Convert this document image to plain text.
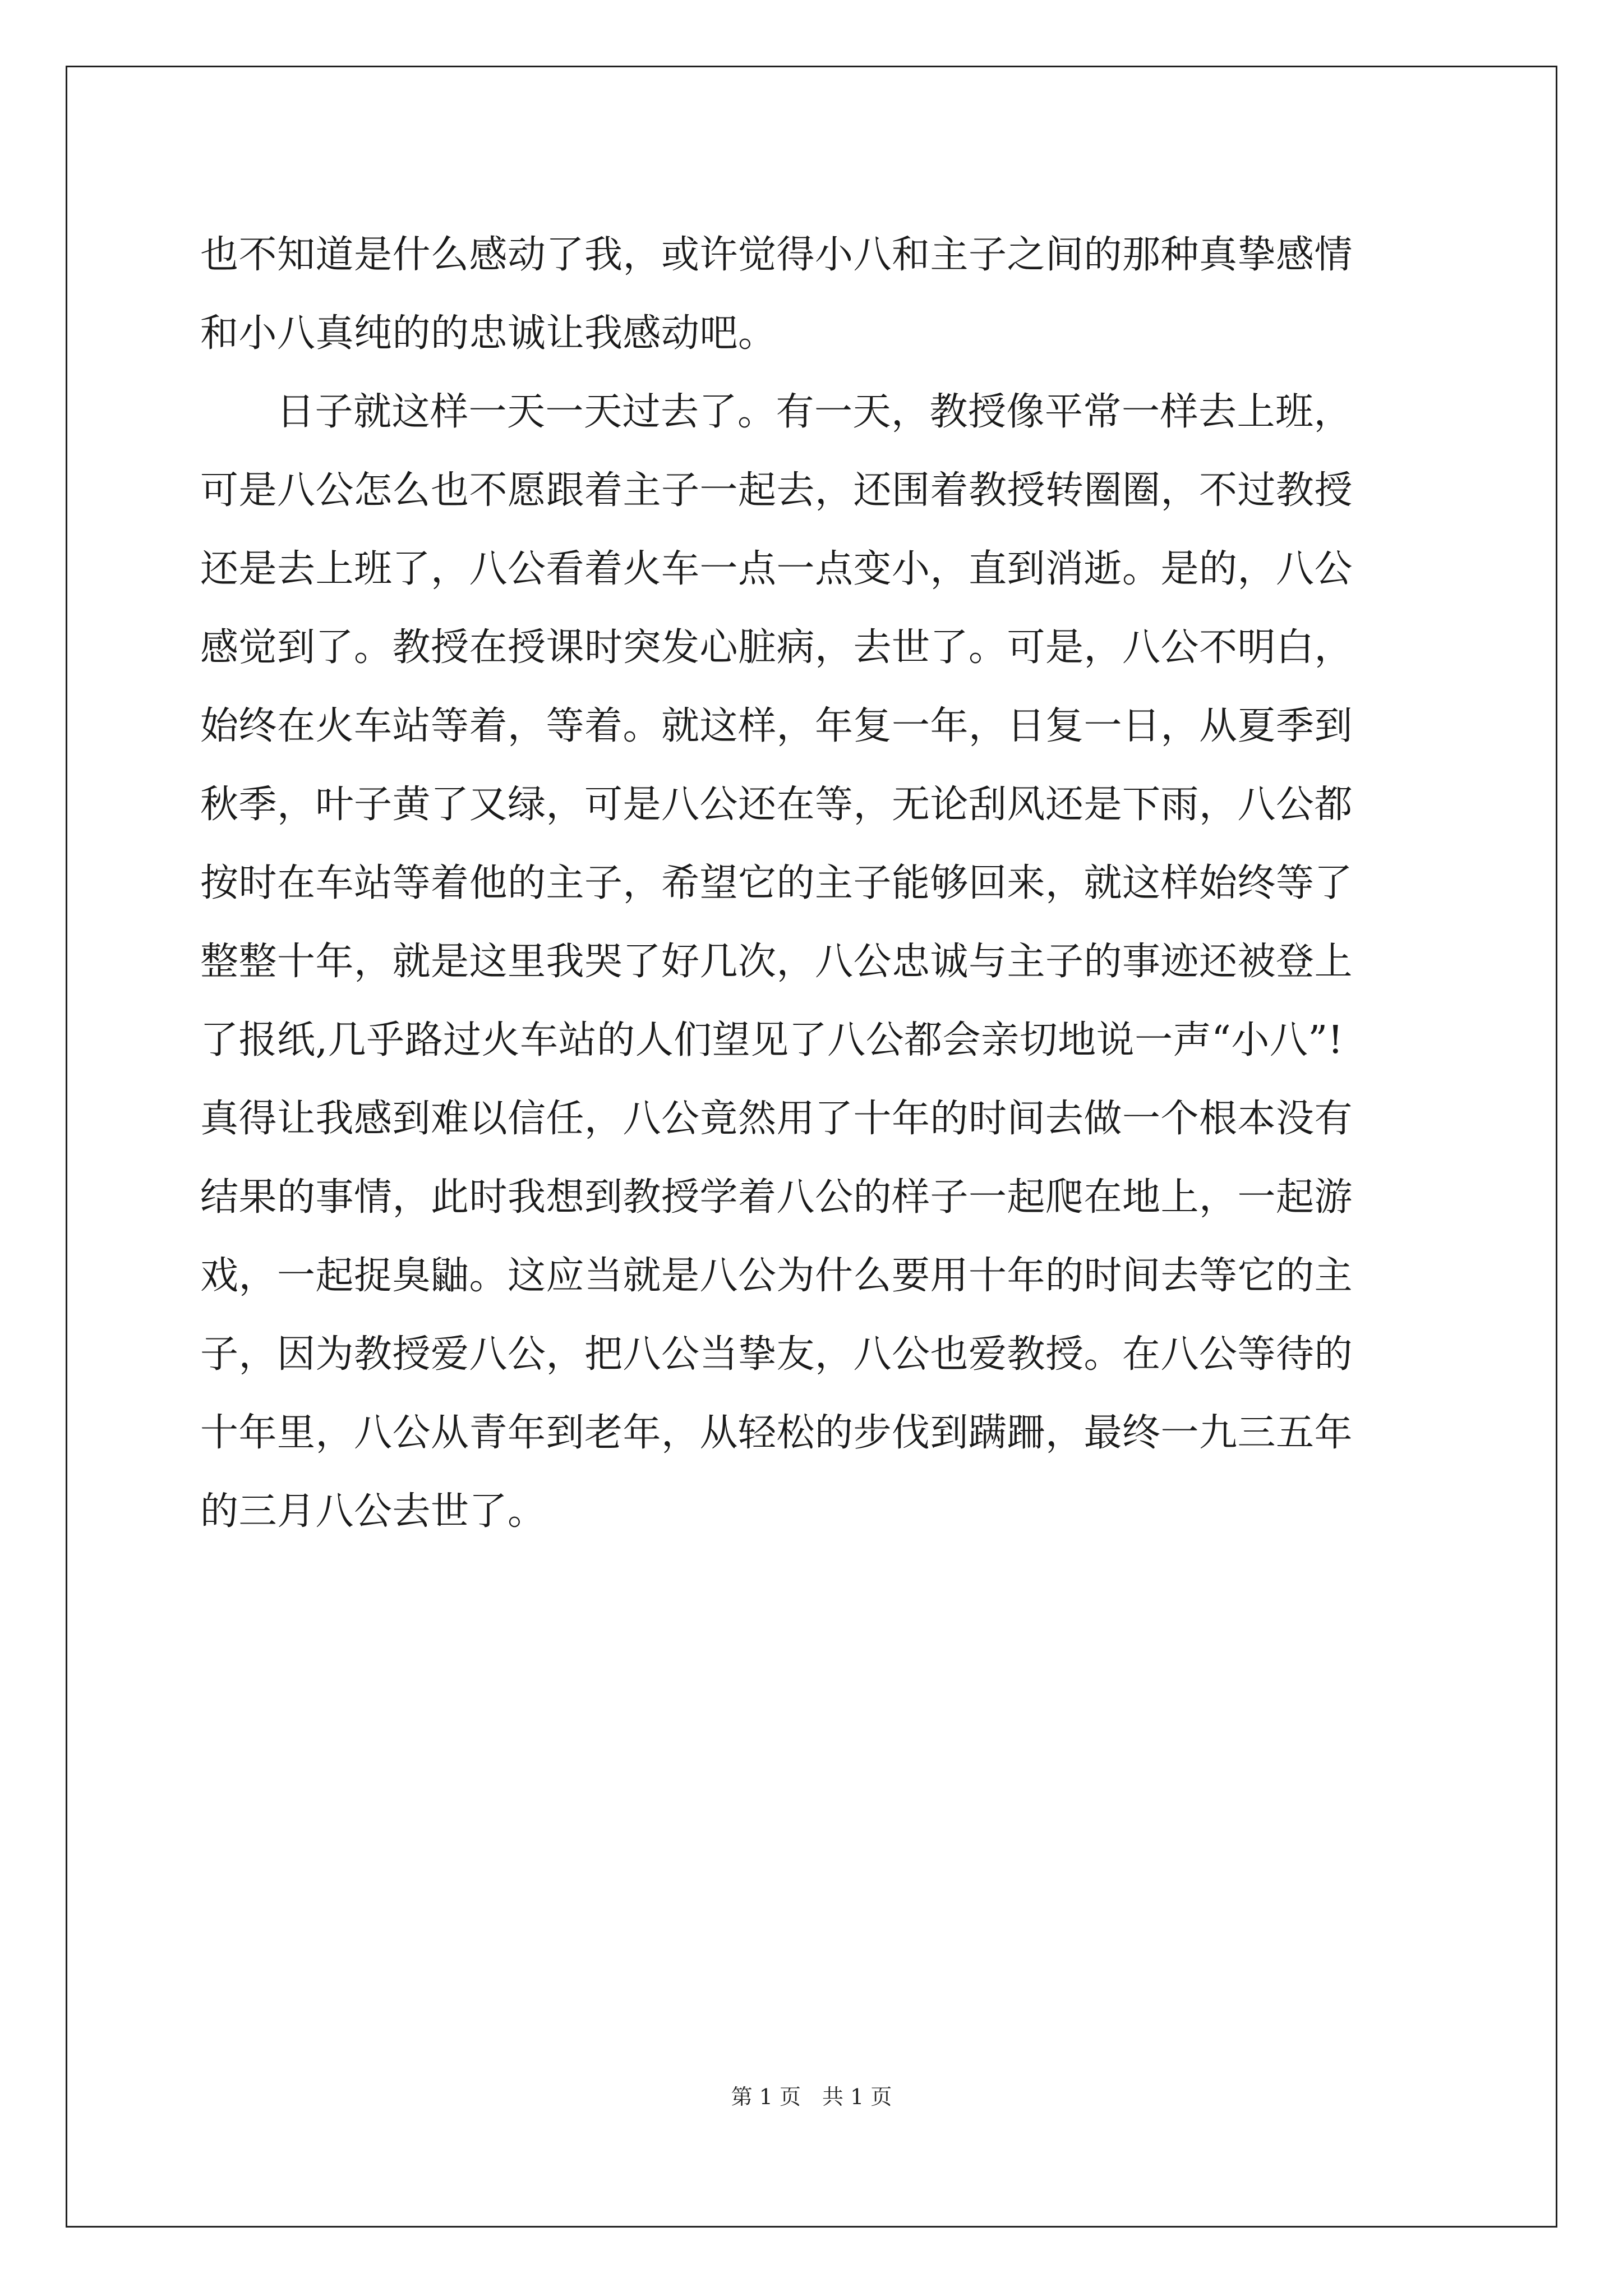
也不知道是什么感动了我，或许觉得小八和主子之间的那种真挚感情
和小八真纯的的忠诚让我感动吧。
日子就这样一天一天过去了。有一天，教授像平常一样去上班，
可是八公怎么也不愿跟着主子一起去，还围着教授转圈圈，不过教授
还是去上班了，八公看着火车一点一点变小，直到消逝。是的，八公
感觉到了。教授在授课时突发心脏病，去世了。可是，八公不明白，
始终在火车站等着，等着。就这样，年复一年，日复一日，从夏季到
秋季，叶子黄了又绿，可是八公还在等，无论刮风还是下雨，八公都
按时在车站等着他的主子，希望它的主子能够回来，就这样始终等了
整整十年，就是这里我哭了好几次，八公忠诚与主子的事迹还被登上
了报纸,几乎路过火车站的人们望见了八公都会亲切地说一声“小八”!
真得让我感到难以信任，八公竟然用了十年的时间去做一个根本没有
结果的事情，此时我想到教授学着八公的样子一起爬在地上，一起游
戏，一起捉臭鼬。这应当就是八公为什么要用十年的时间去等它的主
子，因为教授爱八公，把八公当挚友，八公也爱教授。在八公等待的
十年里，八公从青年到老年，从轻松的步伐到蹒跚，最终一九三五年
的三月八公去世了。
第 1 页　共 1 页
